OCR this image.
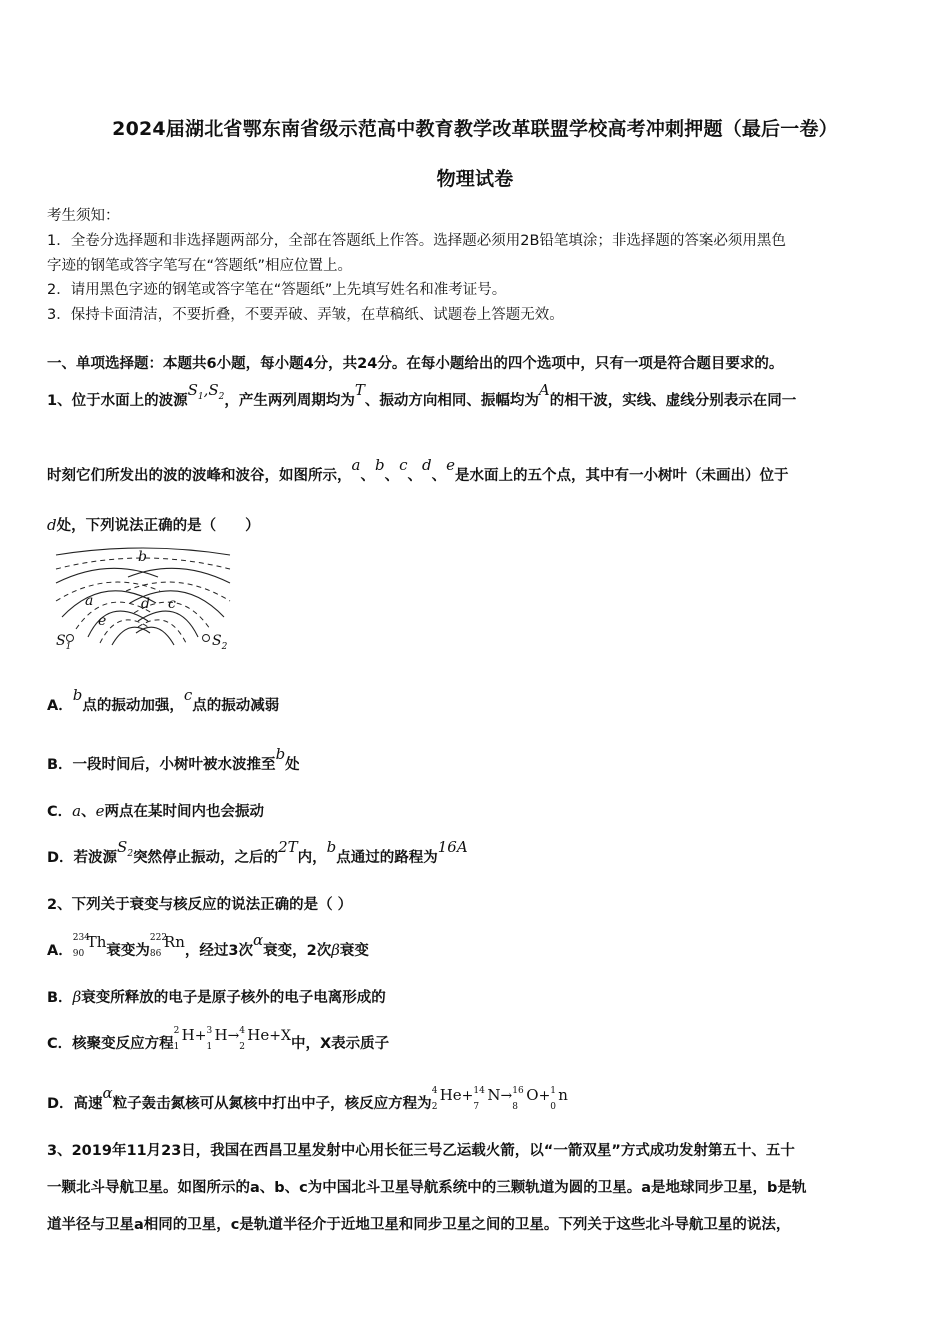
2024届湖北省鄂东南省级示范高中教育教学改革联盟学校高考冲刺押题（最后一卷）
物理试卷
考生须知：
1．全卷分选择题和非选择题两部分，全部在答题纸上作答。选择题必须用2B铅笔填涂；非选择题的答案必须用黑色
字迹的钢笔或答字笔写在“答题纸”相应位置上。
2．请用黑色字迹的钢笔或答字笔在“答题纸”上先填写姓名和准考证号。
3．保持卡面清洁，不要折叠，不要弄破、弄皱，在草稿纸、试题卷上答题无效。
一、单项选择题：本题共6小题，每小题4分，共24分。在每小题给出的四个选项中，只有一项是符合题目要求的。
1、位于水面上的波源$S_1,S_2$，产生两列周期均为T、振动方向相同、振幅均为A的相干波，实线、虚线分别表示在同一
时刻它们所发出的波的波峰和波谷，如图所示，a、b、c、d、e是水面上的五个点，其中有一小树叶（未画出）位于
d处，下列说法正确的是（　　）
b
a	d c
e
$S_1$	$S_2$
A．b点的振动加强，c点的振动减弱
B．一段时间后，小树叶被水波推至b处
C．a、e两点在某时间内也会振动
D．若波源$S_2$突然停止振动，之后的2T内，b点通过的路程为16A
2、下列关于衰变与核反应的说法正确的是（ ）
A．
234
90
Th衰变为
222
86
Rn，经过3次α衰变，2次β衰变
B．β衰变所释放的电子是原子核外的电子电离形成的
C．核聚变反应方程
2
1
H+ 3
1
H→ 4
2
He+X中，X表示质子
D．高速α粒子轰击氮核可从氮核中打出中子，核反应方程为
4
2
He+ 14
7
N→ 16
8
O+ 1
0
n
3、2019年11月23日，我国在西昌卫星发射中心用长征三号乙运载火箭，以“一箭双星”方式成功发射第五十、五十
一颗北斗导航卫星。如图所示的a、b、c为中国北斗卫星导航系统中的三颗轨道为圆的卫星。a是地球同步卫星，b是轨
道半径与卫星a相同的卫星，c是轨道半径介于近地卫星和同步卫星之间的卫星。下列关于这些北斗导航卫星的说法，
